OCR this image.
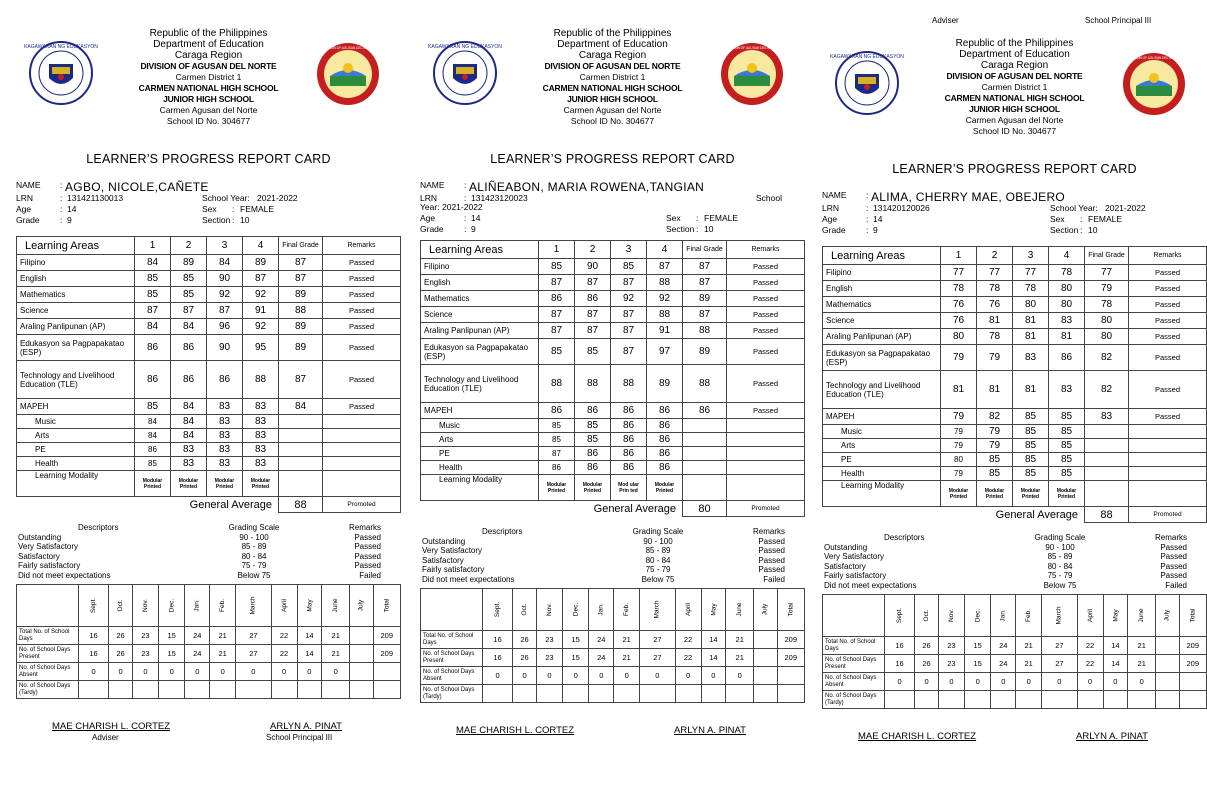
Adviser	School Principal III
KAGAWARAN NG EDUKASYON	DIVISION OF AGUSAN DEL NORTE
Republic of the Philippines
Department of Education
Caraga Region
DIVISION OF AGUSAN DEL NORTE
Carmen District 1
CARMEN NATIONAL HIGH SCHOOL
JUNIOR HIGH SCHOOL
Carmen Agusan del Norte
School ID No. 304677
LEARNER’S PROGRESS REPORT CARD
NAME : AGBO, NICOLE,CAÑETE
LRN	: 131421130013
Age	: 14
Grade : 9
School Year: 2021-2022
Sex : FEMALE
Section : 10
Learning Areas	1	2	3	4	Final Grade	Remarks
Filipino	84	89	84	89	87	Passed
English	85	85	90	87	87	Passed
Mathematics	85	85	92	92	89	Passed
Science	87	87	87	91	88	Passed
Araling Panlipunan (AP)	84	84	96	92	89	Passed
Edukasyon sa Pagpapakatao (ESP)	86	86	90	95	89	Passed
Technology and Livelihood Education (TLE)	86	86	86	88	87	Passed
MAPEH	85	84	83	83	84	Passed
Music	84	84	83	83		
Arts	84	84	83	83		
PE	86	83	83	83		
Health	85	83	83	83		
Learning Modality	Modular Printed	Modular Printed	Modular Printed	Modular Printed		
General Average					88	Promoted
Descriptors	Grading Scale	Remarks
Outstanding	90 - 100	Passed
Very Satisfactory	85 - 89	Passed
Satisfactory	80 - 84	Passed
Fairly satisfactory	75 - 79	Passed
Did not meet expectations	Below 75	Failed

	Sept.	Oct.	Nov.	Dec.	Jan.	Feb.	March	April	May	June	July	Total

Total No. of School Days	16	26	23	15	24	21	27	22	14	21		209
No. of School Days Present	16	26	23	15	24	21	27	22	14	21		209
No. of School Days Absent	0	0	0	0	0	0	0	0	0	0		
No. of School Days (Tardy)												
MAE CHARISH L. CORTEZ	ARLYN A. PINAT
Adviser	School Principal III
KAGAWARAN NG EDUKASYON	DIVISION OF AGUSAN DEL NORTE
Republic of the Philippines
Department of Education
Caraga Region
DIVISION OF AGUSAN DEL NORTE
Carmen District 1
CARMEN NATIONAL HIGH SCHOOL
JUNIOR HIGH SCHOOL
Carmen Agusan del Norte
School ID No. 304677
LEARNER’S PROGRESS REPORT CARD
NAME : ALIÑEABON, MARIA ROWENA,TANGIAN
LRN	: 131423120023
Age	: 14
Grade : 9
School
Year: 2021-2022
Sex : FEMALE
Section : 10
Learning Areas	1	2	3	4	Final Grade	Remarks
Filipino	85	90	85	87	87	Passed
English	87	87	87	88	87	Passed
Mathematics	86	86	92	92	89	Passed
Science	87	87	87	88	87	Passed
Araling Panlipunan (AP)	87	87	87	91	88	Passed
Edukasyon sa Pagpapakatao (ESP)	85	85	87	97	89	Passed
Technology and Livelihood Education (TLE)	88	88	88	89	88	Passed
MAPEH	86	86	86	86	86	Passed
Music	85	85	86	86		
Arts	85	85	86	86		
PE	87	86	86	86		
Health	86	86	86	86		
Learning Modality	Modular Printed	Modular Printed	Mod ular Prin ted	Modular Printed		
General Average					80	Promoted
Descriptors	Grading Scale	Remarks
Outstanding	90 - 100	Passed
Very Satisfactory	85 - 89	Passed
Satisfactory	80 - 84	Passed
Fairly satisfactory	75 - 79	Passed
Did not meet expectations	Below 75	Failed

	Sept.	Oct.	Nov.	Dec.	Jan.	Feb.	March	April	May	June	July	Total

Total No. of School Days	16	26	23	15	24	21	27	22	14	21		209
No. of School Days Present	16	26	23	15	24	21	27	22	14	21		209
No. of School Days Absent	0	0	0	0	0	0	0	0	0	0		
No. of School Days (Tardy)												
MAE CHARISH L. CORTEZ	ARLYN A. PINAT
KAGAWARAN NG EDUKASYON	DIVISION OF AGUSAN DEL NORTE
Republic of the Philippines
Department of Education
Caraga Region
DIVISION OF AGUSAN DEL NORTE
Carmen District 1
CARMEN NATIONAL HIGH SCHOOL
JUNIOR HIGH SCHOOL
Carmen Agusan del Norte
School ID No. 304677
LEARNER’S PROGRESS REPORT CARD
NAME : ALIMA, CHERRY MAE, OBEJERO
LRN	: 131420120026
Age	: 14
Grade : 9
School Year: 2021-2022
Sex : FEMALE
Section : 10
Learning Areas	1	2	3	4	Final Grade	Remarks
Filipino	77	77	77	78	77	Passed
English	78	78	78	80	79	Passed
Mathematics	76	76	80	80	78	Passed
Science	76	81	81	83	80	Passed
Araling Panlipunan (AP)	80	78	81	81	80	Passed
Edukasyon sa Pagpapakatao (ESP)	79	79	83	86	82	Passed
Technology and Livelihood Education (TLE)	81	81	81	83	82	Passed
MAPEH	79	82	85	85	83	Passed
Music	79	79	85	85		
Arts	79	79	85	85		
PE	80	85	85	85		
Health	79	85	85	85		
Learning Modality	Modular Printed	Modular Printed	Modular Printed	Modular Printed		
General Average					88	Promoted
Descriptors	Grading Scale	Remarks
Outstanding	90 - 100	Passed
Very Satisfactory	85 - 89	Passed
Satisfactory	80 - 84	Passed
Fairly satisfactory	75 - 79	Passed
Did not meet expectations	Below 75	Failed

	Sept.	Oct.	Nov.	Dec.	Jan.	Feb.	March	April	May	June	July	Total

Total No. of School Days	16	26	23	15	24	21	27	22	14	21		209
No. of School Days Present	16	26	23	15	24	21	27	22	14	21		209
No. of School Days Absent	0	0	0	0	0	0	0	0	0	0		
No. of School Days (Tardy)												
MAE CHARISH L. CORTEZ	ARLYN A. PINAT
